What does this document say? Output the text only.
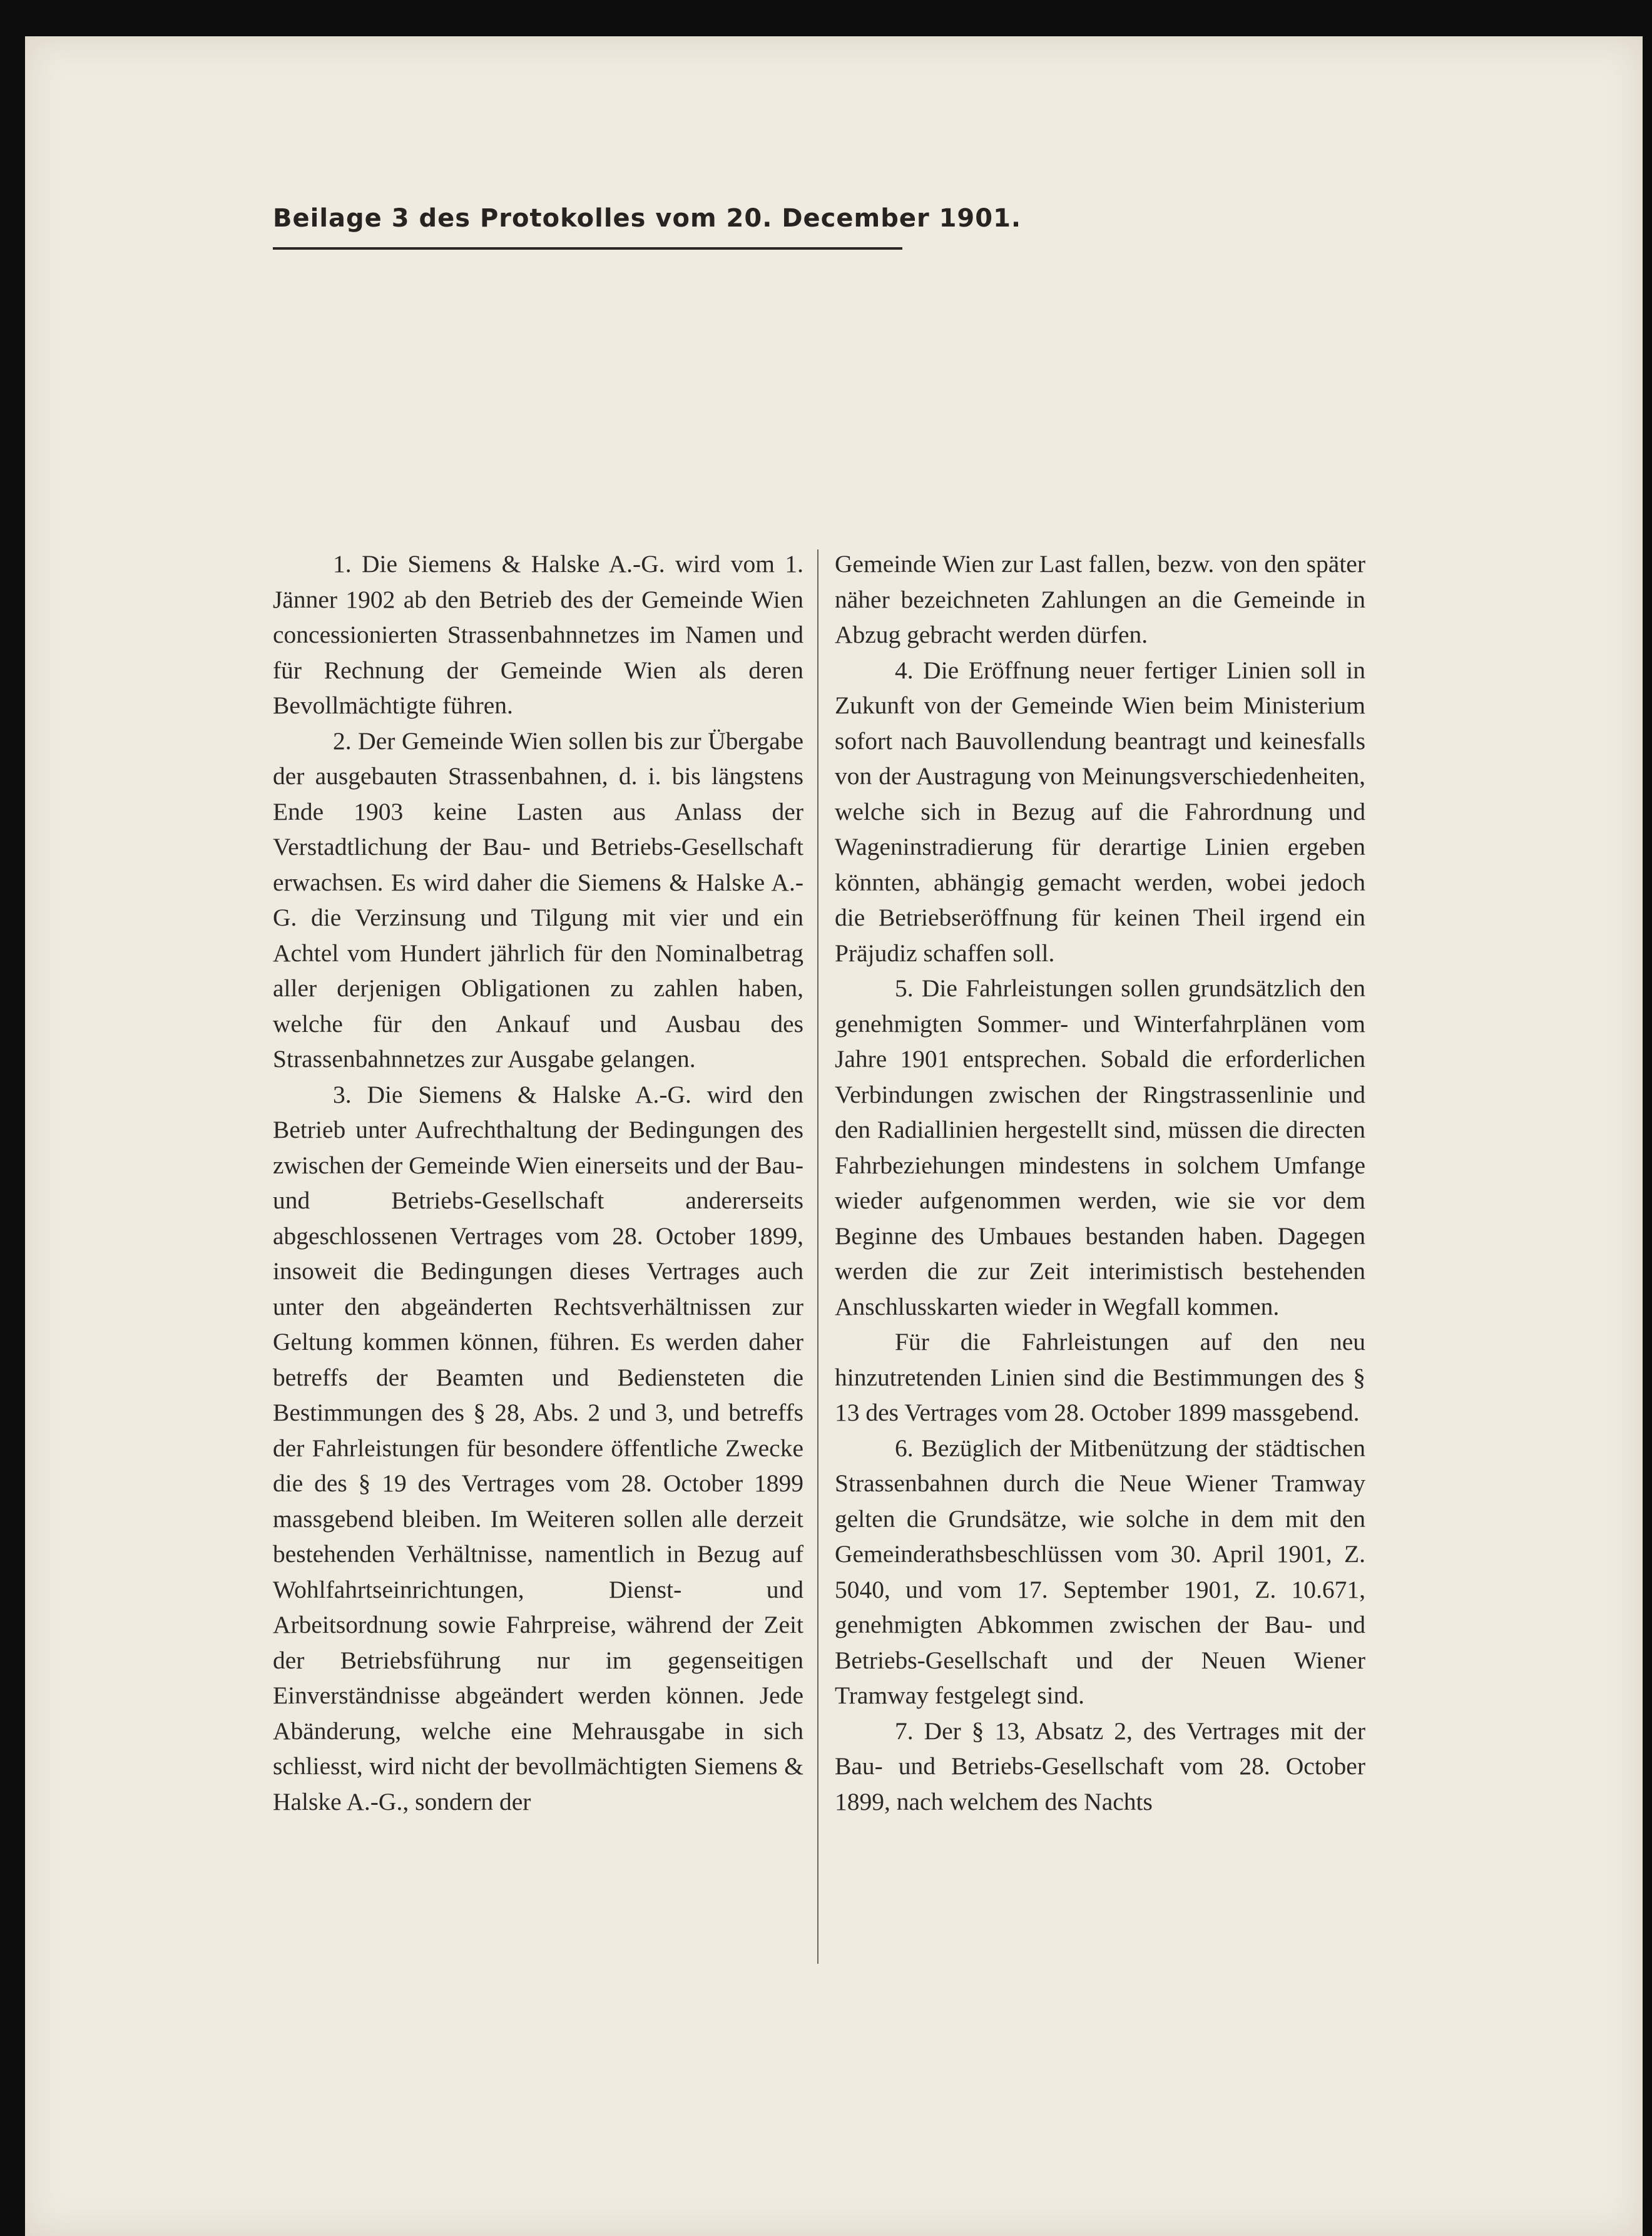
Beilage 3 des Protokolles vom 20. December 1901.

1. Die Siemens & Halske A.-G. wird vom 1. Jänner 1902 ab den Betrieb des der Gemeinde Wien concessionierten Strassenbahnnetzes im Namen und für Rechnung der Gemeinde Wien als deren Bevollmächtigte führen.

2. Der Gemeinde Wien sollen bis zur Übergabe der ausgebauten Strassenbahnen, d. i. bis längstens Ende 1903 keine Lasten aus Anlass der Verstadtlichung der Bau- und Betriebs-Gesellschaft erwachsen. Es wird daher die Siemens & Halske A.-G. die Verzinsung und Tilgung mit vier und ein Achtel vom Hundert jährlich für den Nominalbetrag aller derjenigen Obligationen zu zahlen haben, welche für den Ankauf und Ausbau des Strassenbahnnetzes zur Ausgabe gelangen.

3. Die Siemens & Halske A.-G. wird den Betrieb unter Aufrechthaltung der Bedingungen des zwischen der Gemeinde Wien einerseits und der Bau- und Betriebs-Gesellschaft andererseits abgeschlossenen Vertrages vom 28. October 1899, insoweit die Bedingungen dieses Vertrages auch unter den abgeänderten Rechtsverhältnissen zur Geltung kommen können, führen. Es werden daher betreffs der Beamten und Bediensteten die Bestimmungen des § 28, Abs. 2 und 3, und betreffs der Fahrleistungen für besondere öffentliche Zwecke die des § 19 des Vertrages vom 28. October 1899 massgebend bleiben. Im Weiteren sollen alle derzeit bestehenden Verhältnisse, namentlich in Bezug auf Wohlfahrtseinrichtungen, Dienst- und Arbeitsordnung sowie Fahrpreise, während der Zeit der Betriebsführung nur im gegenseitigen Einverständnisse abgeändert werden können. Jede Abänderung, welche eine Mehrausgabe in sich schliesst, wird nicht der bevollmächtigten Siemens & Halske A.-G., sondern der

Gemeinde Wien zur Last fallen, bezw. von den später näher bezeichneten Zahlungen an die Gemeinde in Abzug gebracht werden dürfen.

4. Die Eröffnung neuer fertiger Linien soll in Zukunft von der Gemeinde Wien beim Ministerium sofort nach Bauvollendung beantragt und keinesfalls von der Austragung von Meinungsverschiedenheiten, welche sich in Bezug auf die Fahrordnung und Wageninstradierung für derartige Linien ergeben könnten, abhängig gemacht werden, wobei jedoch die Betriebseröffnung für keinen Theil irgend ein Präjudiz schaffen soll.

5. Die Fahrleistungen sollen grundsätzlich den genehmigten Sommer- und Winterfahrplänen vom Jahre 1901 entsprechen. Sobald die erforderlichen Verbindungen zwischen der Ringstrassenlinie und den Radiallinien hergestellt sind, müssen die directen Fahrbeziehungen mindestens in solchem Umfange wieder aufgenommen werden, wie sie vor dem Beginne des Umbaues bestanden haben. Dagegen werden die zur Zeit interimistisch bestehenden Anschlusskarten wieder in Wegfall kommen.

Für die Fahrleistungen auf den neu hinzutretenden Linien sind die Bestimmungen des § 13 des Vertrages vom 28. October 1899 massgebend.

6. Bezüglich der Mitbenützung der städtischen Strassenbahnen durch die Neue Wiener Tramway gelten die Grundsätze, wie solche in dem mit den Gemeinderathsbeschlüssen vom 30. April 1901, Z. 5040, und vom 17. September 1901, Z. 10.671, genehmigten Abkommen zwischen der Bau- und Betriebs-Gesellschaft und der Neuen Wiener Tramway festgelegt sind.

7. Der § 13, Absatz 2, des Vertrages mit der Bau- und Betriebs-Gesellschaft vom 28. October 1899, nach welchem des Nachts
